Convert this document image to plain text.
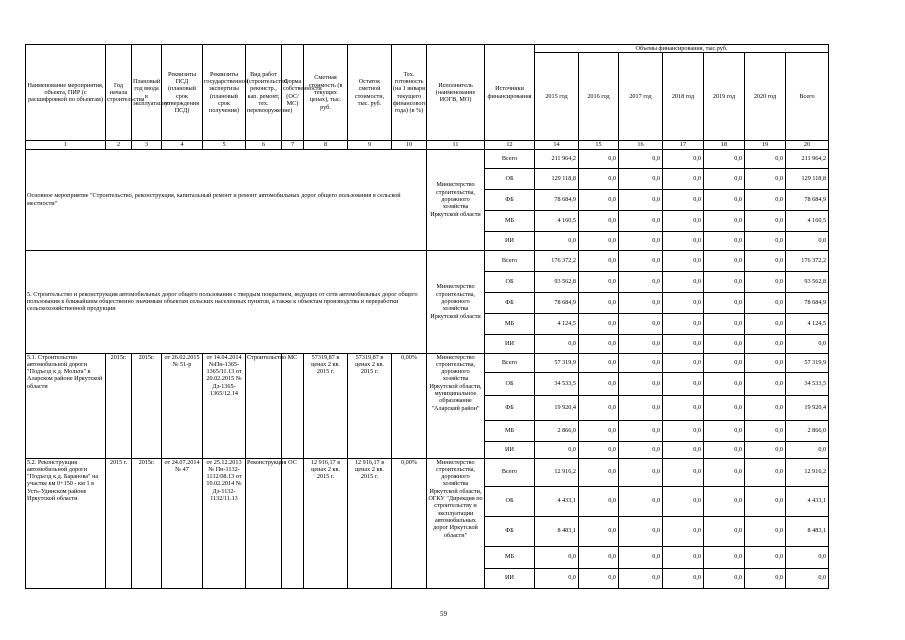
Наименование мероприятия, объекта, ПИР (с расшифровкой по объектам)	Год начала строительства	Плановый год ввода в эксплуатацию	Реквизиты ПСД (плановый срок утверждения ПСД)	Реквизиты государственной экспертизы (плановый срок получения)	Вид работ (строительство, реконстр., кап. ремонт, тех. перевооружение)	Форма собственности (ОС/МС)	Сметная стоимость (в текущих ценах), тыс. руб.	Остаток сметной стоимости, тыс. руб.	Тех. готовность (на 1 января текущего финансового года) (в %)	Исполнитель (наименование ИОГВ, МО)	Источники финансирования	Объемы финансирования, тыс.руб.						
												2015 год	2016 год	2017 год	2018 год	2019 год	2020 год	Всего
1	2	3	4	5	6	7	8	9	10	11	12	14	15	16	17	18	19	20
Основное мероприятие "Строительство, реконструкция, капитальный ремонт и ремонт автомобильных дорог общего пользования в сельской местности"										Министерство строительства, дорожного хозяйства Иркутской области	Всего	211 964,2	0,0	0,0	0,0	0,0	0,0	211 964,2
											ОБ	129 118,8	0,0	0,0	0,0	0,0	0,0	129 118,8
											ФБ	78 684,9	0,0	0,0	0,0	0,0	0,0	78 684,9
											МБ	4 160,5	0,0	0,0	0,0	0,0	0,0	4 160,5
											ИИ	0,0	0,0	0,0	0,0	0,0	0,0	0,0
5. Строительство и реконструкция автомобильных дорог общего пользования с твердым покрытием, ведущих от сети автомобильных дорог общего пользования к ближайшим общественно значимым объектам сельских населенных пунктов, а также к объектам производства и переработки сельскохозяйственной продукции										Министерство строительства, дорожного хозяйства Иркутской области	Всего	176 372,2	0,0	0,0	0,0	0,0	0,0	176 372,2
											ОБ	93 562,8	0,0	0,0	0,0	0,0	0,0	93 562,8
											ФБ	78 684,9	0,0	0,0	0,0	0,0	0,0	78 684,9
											МБ	4 124,5	0,0	0,0	0,0	0,0	0,0	4 124,5
											ИИ	0,0	0,0	0,0	0,0	0,0	0,0	0,0
5.1. Строительство автомобильной дороги "Подъезд к д. Мольта" в Аларском районе Иркутской области	2015г.	2015г.	от 26.02.2015 № 51-р	от 14.04.2014 №Пн-1365-1365/11.13 от 20.02.2015 № Дз-1365-1365/12.14	Строительство	МС	57319,87 в ценах 2 кв. 2015 г.	57319,87 в ценах 2 кв. 2015 г.	0,00%	Министерство строительства, дорожного хозяйства Иркутской области, муниципальное образование "Аларский район"	Всего	57 319,9	0,0	0,0	0,0	0,0	0,0	57 319,9
											ОБ	34 533,5	0,0	0,0	0,0	0,0	0,0	34 533,5
											ФБ	19 920,4	0,0	0,0	0,0	0,0	0,0	19 920,4
											МБ	2 866,0	0,0	0,0	0,0	0,0	0,0	2 866,0
											ИИ	0,0	0,0	0,0	0,0	0,0	0,0	0,0
5.2. Реконструкция автомобильной дороги "Подъезд к д. Баранова" на участке км 0+150 - км 1 в Усть-Удинском районе Иркутской области	2015 г.	2015г.	от 24.07.2014 № 47	от 25.12.2013 № Пн-1132-1132/08.13 от 10.02.2014 № Дз-1132-1132/11.13	Реконструкция	ОС	12 916,17 в ценах 2 кв. 2015 г.	12 916,17 в ценах 2 кв. 2015 г.	0,00%	Министерство строительства, дорожного хозяйства Иркутской области, ОГКУ "Дирекция по строительству и эксплуатации автомобильных дорог Иркутской области"	Всего	12 916,2	0,0	0,0	0,0	0,0	0,0	12 916,2
											ОБ	4 433,1	0,0	0,0	0,0	0,0	0,0	4 433,1
											ФБ	8 483,1	0,0	0,0	0,0	0,0	0,0	8 483,1
											МБ	0,0	0,0	0,0	0,0	0,0	0,0	0,0
											ИИ	0,0	0,0	0,0	0,0	0,0	0,0	0,0
59
